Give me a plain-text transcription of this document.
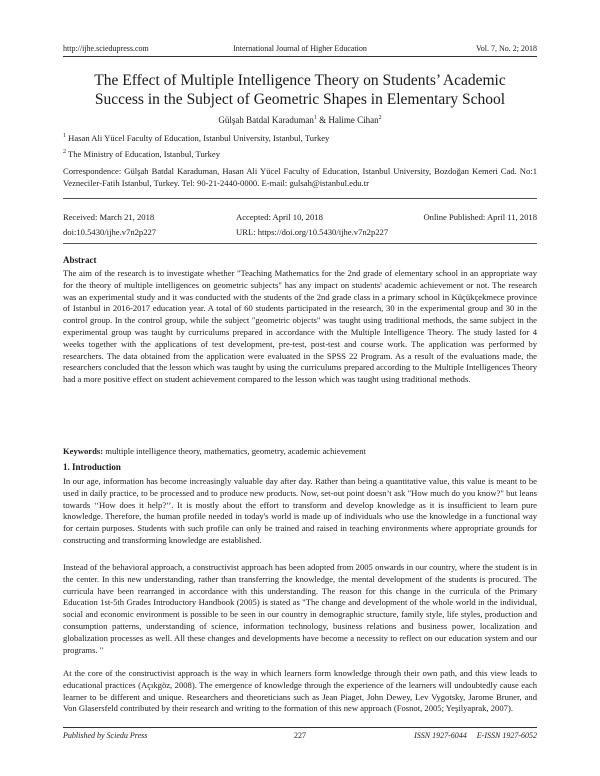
http://ijhe.sciedupress.com	International Journal of Higher Education	Vol. 7, No. 2; 2018
The Effect of Multiple Intelligence Theory on Students’ Academic
Success in the Subject of Geometric Shapes in Elementary School
Gülşah Batdal Karaduman$^1$ & Halime Cihan$^2$
$^1$ Hasan Ali Yücel Faculty of Education, Istanbul University, Istanbul, Turkey
$^2$ The Ministry of Education, Istanbul, Turkey
Correspondence: Gülşah Batdal Karaduman, Hasan Ali Yücel Faculty of Education, Istanbul University, Bozdoğan Kemeri Cad. No:1 Vezneciler-Fatih Istanbul, Turkey. Tel: 90-21-2440-0000. E-mail: gulsah@istanbul.edu.tr
Received: March 21, 2018	Accepted: April 10, 2018	Online Published: April 11, 2018
doi:10.5430/ijhe.v7n2p227	URL: https://doi.org/10.5430/ijhe.v7n2p227
Abstract
The aim of the research is to investigate whether "Teaching Mathematics for the 2nd grade of elementary school in an appropriate way for the theory of multiple intelligences on geometric subjects" has any impact on students' academic achievement or not. The research was an experimental study and it was conducted with the students of the 2nd grade class in a primary school in Küçükçekmece province of Istanbul in 2016-2017 education year. A total of 60 students participated in the research, 30 in the experimental group and 30 in the control group. In the control group, while the subject "geometric objects" was taught using traditional methods, the same subject in the experimental group was taught by curriculums prepared in accordance with the Multiple Intelligence Theory. The study lasted for 4 weeks together with the applications of test development, pre-test, post-test and course work. The application was performed by researchers. The data obtained from the application were evaluated in the SPSS 22 Program. As a result of the evaluations made, the researchers concluded that the lesson which was taught by using the curriculums prepared according to the Multiple Intelligences Theory had a more positive effect on student achievement compared to the lesson which was taught using traditional methods.
Keywords: multiple intelligence theory, mathematics, geometry, academic achievement
1. Introduction
In our age, information has become increasingly valuable day after day. Rather than being a quantitative value, this value is meant to be used in daily practice, to be processed and to produce new products. Now, set-out point doesn’t ask "How much do you know?" but leans towards ‘‘How does it help?’’. It is mostly about the effort to transform and develop knowledge as it is insufficient to learn pure knowledge. Therefore, the human profile needed in today's world is made up of individuals who use the knowledge in a functional way for certain purposes. Students with such profile can only be trained and raised in teaching environments where appropriate grounds for constructing and transforming knowledge are established.
Instead of the behavioral approach, a constructivist approach has been adopted from 2005 onwards in our country, where the student is in the center. In this new understanding, rather than transferring the knowledge, the mental development of the students is procured. The curricula have been rearranged in accordance with this understanding. The reason for this change in the curricula of the Primary Education 1st-5th Grades Introductory Handbook (2005) is stated as "The change and development of the whole world in the individual, social and economic environment is possible to be seen in our country in demographic structure, family style, life styles, production and consumption patterns, understanding of science, information technology, business relations and business power, localization and globalization processes as well. All these changes and developments have become a necessity to reflect on our education system and our programs. "
At the core of the constructivist approach is the way in which learners form knowledge through their own path, and this view leads to educational practices (Açıkgöz, 2008). The emergence of knowledge through the experience of the learners will undoubtedly cause each learner to be different and unique. Researchers and theoreticians such as Jean Piaget, John Dewey, Lev Vygotsky, Jarome Bruner, and Von Glasersfeld contributed by their research and writing to the formation of this new approach (Fosnot, 2005; Yeşilyaprak, 2007).
Published by Sciedu Press	227	ISSN 1927-6044     E-ISSN 1927-6052
